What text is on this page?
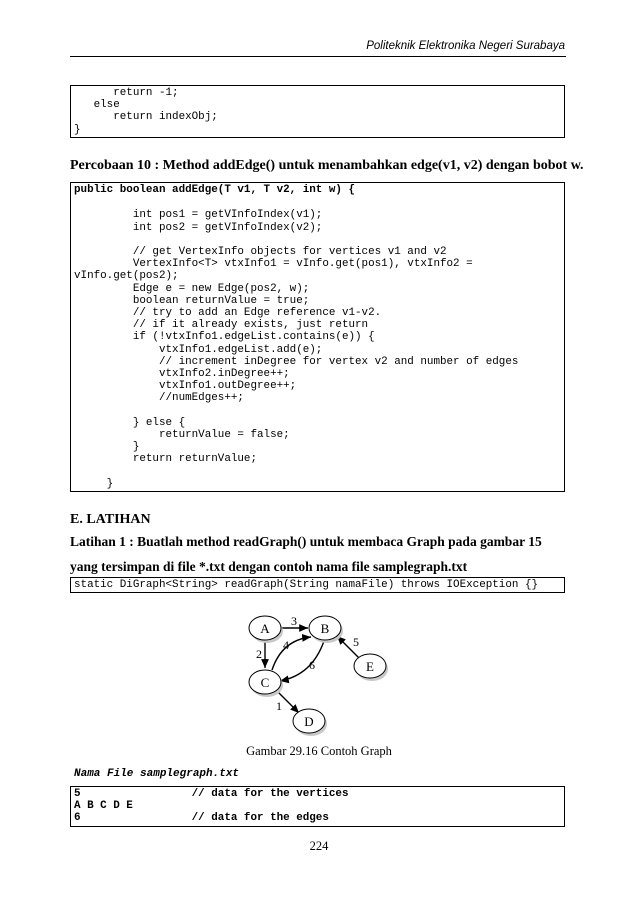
Politeknik Elektronika Negeri Surabaya
return -1;
else
return indexObj;
}
Percobaan 10 : Method addEdge() untuk menambahkan edge(v1, v2) dengan bobot w.
public boolean addEdge(T v1, T v2, int w) {

int pos1 = getVInfoIndex(v1);
int pos2 = getVInfoIndex(v2);

// get VertexInfo objects for vertices v1 and v2
VertexInfo<T> vtxInfo1 = vInfo.get(pos1), vtxInfo2 =
vInfo.get(pos2);
Edge e = new Edge(pos2, w);
boolean returnValue = true;
// try to add an Edge reference v1-v2.
// if it already exists, just return
if (!vtxInfo1.edgeList.contains(e)) {
vtxInfo1.edgeList.add(e);
// increment inDegree for vertex v2 and number of edges
vtxInfo2.inDegree++;
vtxInfo1.outDegree++;
//numEdges++;

} else {
returnValue = false;
}
return returnValue;

}
E. LATIHAN
Latihan 1 : Buatlah method readGraph() untuk membaca Graph pada gambar 15 yang tersimpan di file *.txt dengan contoh nama file samplegraph.txt
static DiGraph<String> readGraph(String namaFile) throws IOException {}
A	B
C
D
E
3
2
4
6
5
1
Gambar 29.16 Contoh Graph
Nama File samplegraph.txt
5                 // data for the vertices
A B C D E
6                 // data for the edges
224
